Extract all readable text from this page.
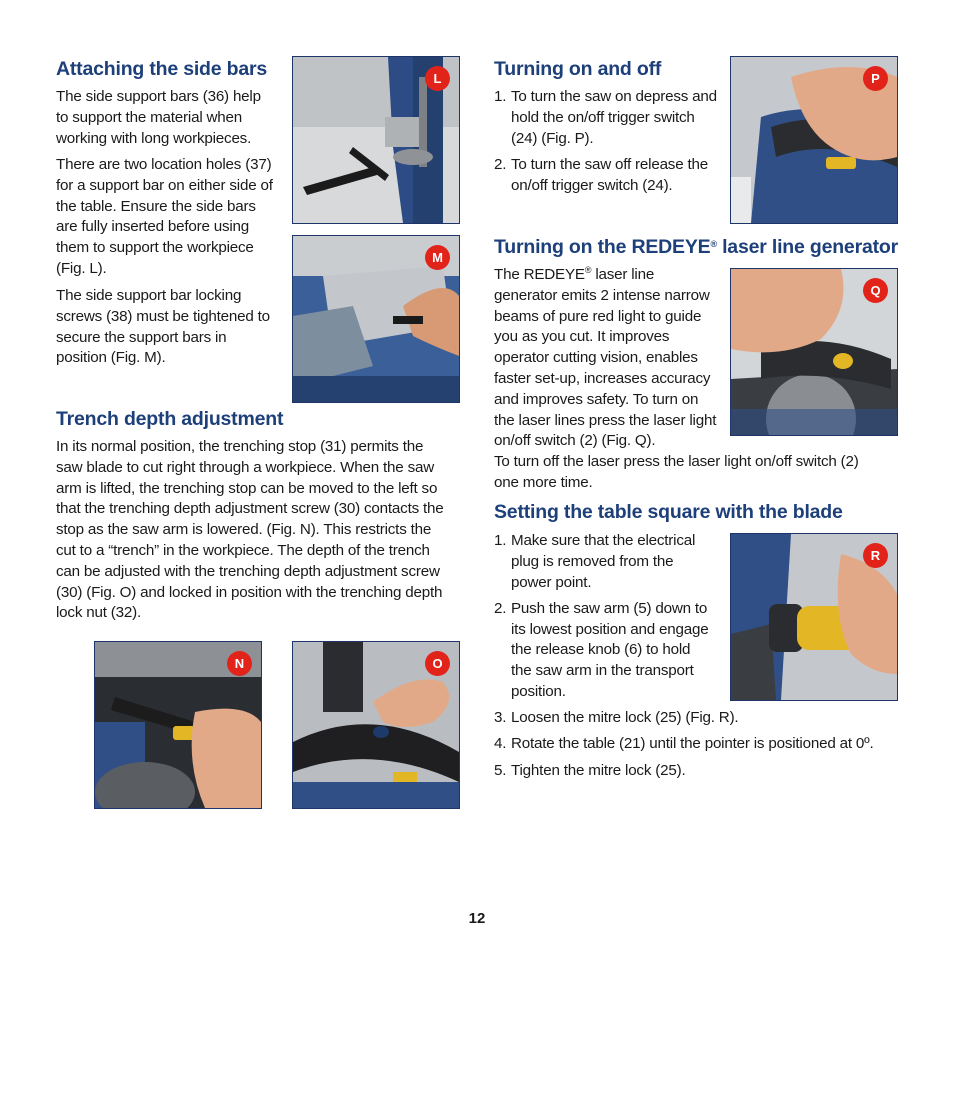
Attaching the side bars

The side support bars (36) help to support the material when working with long workpieces.

There are two location holes (37) for a support bar on either side of the table. Ensure the side bars are fully inserted before using them to support the workpiece (Fig. L).

The side support bar locking screws (38) must be tightened to secure the support bars in position (Fig. M).

L
M
Trench depth adjustment

In its normal position, the trenching stop (31) permits the saw blade to cut right through a workpiece. When the saw arm is lifted, the trenching stop can be moved to the left so that the trenching depth adjustment screw (30) contacts the stop as the saw arm is lowered. (Fig. N). This restricts the cut to a “trench” in the workpiece. The depth of the trench can be adjusted with the trenching depth adjustment screw (30) (Fig. O) and locked in position with the trenching depth lock nut (32).

N	O
Turning on and off
1. To turn the saw on depress and hold the on/off trigger switch (24) (Fig. P).
2. To turn the saw off release the on/off trigger switch (24).
P
Turning on the REDEYE® laser line generator

The REDEYE® laser line generator emits 2 intense narrow beams of pure red light to guide you as you cut. It improves operator cutting vision, enables faster set-up, increases accuracy and improves safety. To turn on the laser lines press the laser light on/off switch (2) (Fig. Q).

To turn off the laser press the laser light on/off switch (2) one more time.

Q
Setting the table square with the blade
1. Make sure that the electrical plug is removed from the power point.
2. Push the saw arm (5) down to its lowest position and engage the release knob (6) to hold the saw arm in the transport position.
3. Loosen the mitre lock (25) (Fig. R).
4. Rotate the table (21) until the pointer is positioned at 0º.
5. Tighten the mitre lock (25).
R
12
